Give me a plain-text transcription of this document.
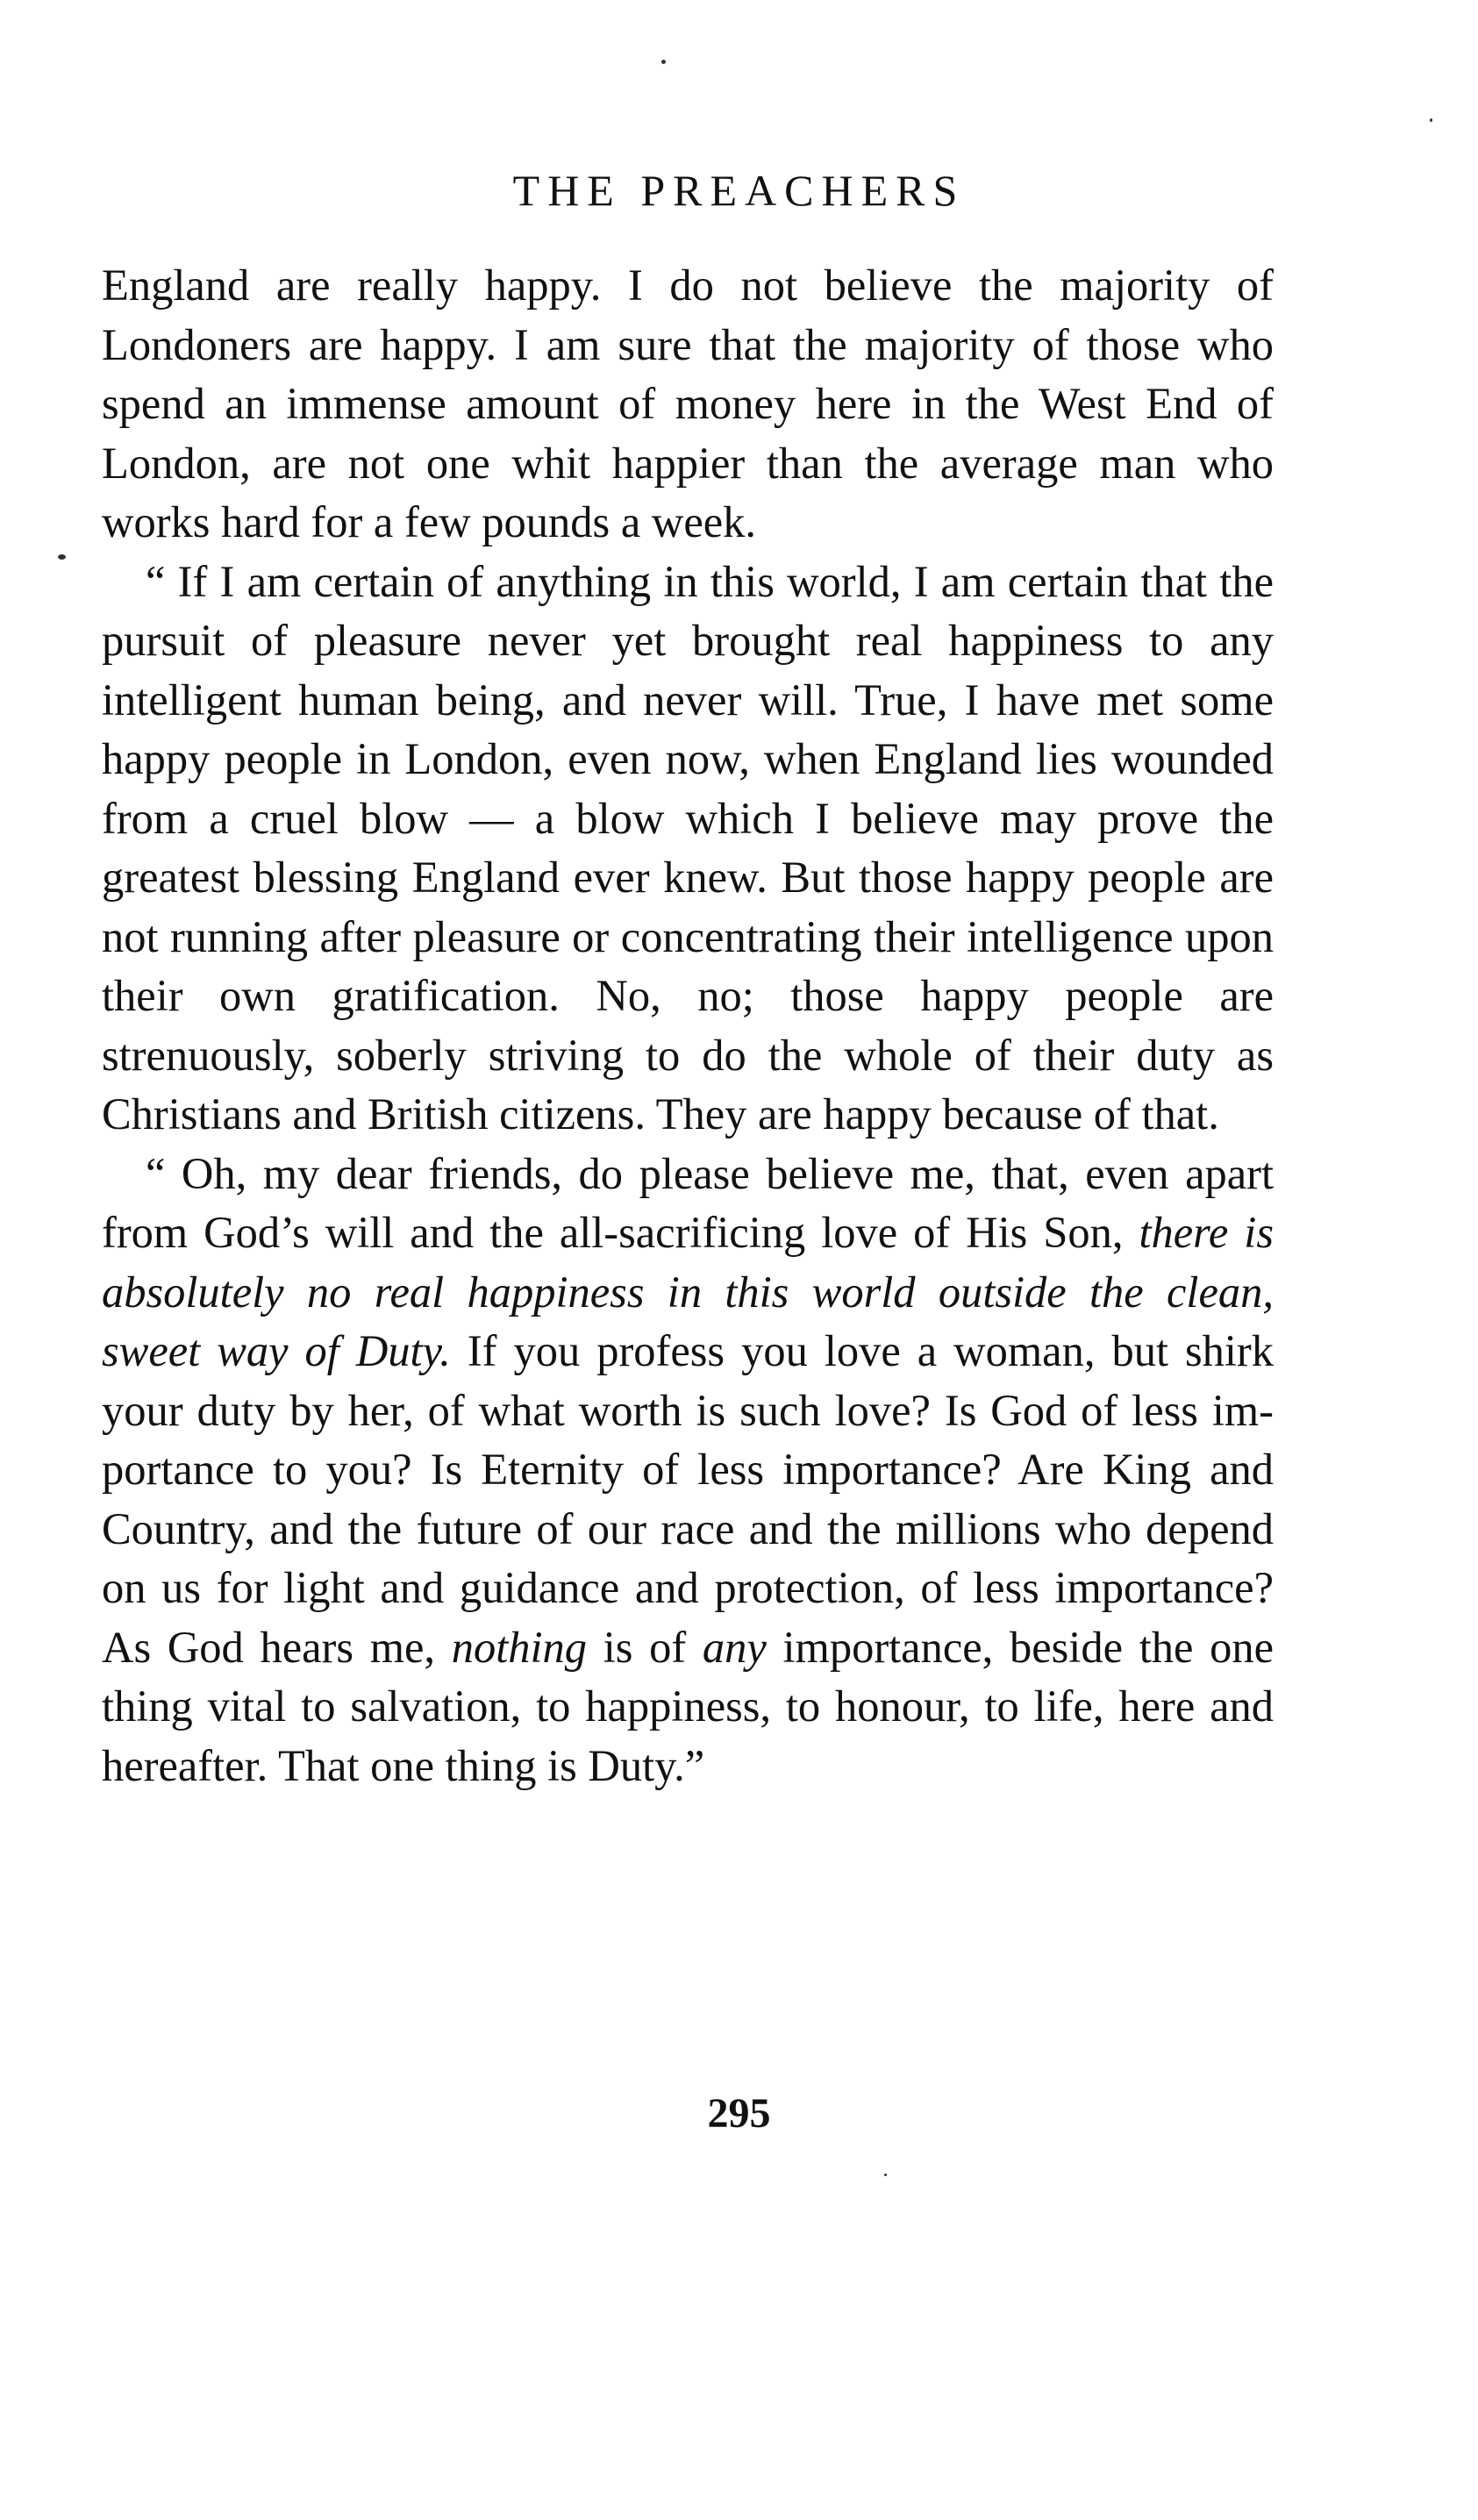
THE PREACHERS

England are really happy. I do not believe the majority of Londoners are happy. I am sure that the majority of those who spend an immense amount of money here in the West End of London, are not one whit happier than the average man who works hard for a few pounds a week.

“ If I am certain of anything in this world, I am certain that the pursuit of pleasure never yet brought real happiness to any intelligent human being, and never will. True, I have met some happy people in London, even now, when England lies wounded from a cruel blow — a blow which I believe may prove the greatest blessing England ever knew. But those happy people are not running after pleasure or concentrating their intelligence upon their own gratification. No, no; those happy people are strenuously, soberly striving to do the whole of their duty as Christians and British citizens. They are happy because of that.

“ Oh, my dear friends, do please believe me, that, even apart from God’s will and the all-sacrificing love of His Son, there is absolutely no real happiness in this world outside the clean, sweet way of Duty. If you profess you love a woman, but shirk your duty by her, of what worth is such love? Is God of less importance to you? Is Eternity of less importance? Are King and Country, and the future of our race and the millions who depend on us for light and guidance and protection, of less importance? As God hears me, nothing is of any importance, beside the one thing vital to salvation, to happiness, to honour, to life, here and hereafter. That one thing is Duty.”

295
